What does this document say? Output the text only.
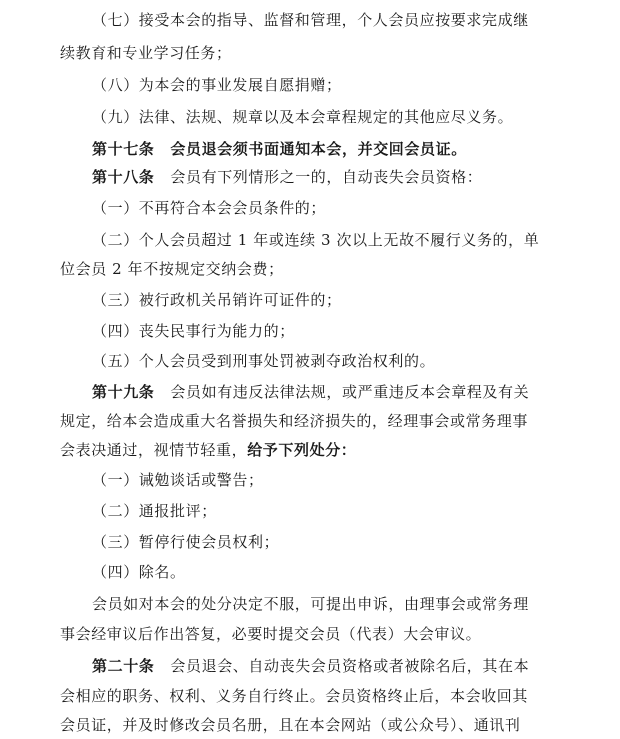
（七）接受本会的指导、监督和管理，个人会员应按要求完成继
续教育和专业学习任务；
（八）为本会的事业发展自愿捐赠；
（九）法律、法规、规章以及本会章程规定的其他应尽义务。
第十七条 会员退会须书面通知本会，并交回会员证。
第十八条 会员有下列情形之一的，自动丧失会员资格：
（一）不再符合本会会员条件的；
（二）个人会员超过 1 年或连续 3 次以上无故不履行义务的，单
位会员 2 年不按规定交纳会费；
（三）被行政机关吊销许可证件的；
（四）丧失民事行为能力的；
（五）个人会员受到刑事处罚被剥夺政治权利的。
第十九条 会员如有违反法律法规，或严重违反本会章程及有关
规定，给本会造成重大名誉损失和经济损失的，经理事会或常务理事
会表决通过，视情节轻重，给予下列处分：
（一）诫勉谈话或警告；
（二）通报批评；
（三）暂停行使会员权利；
（四）除名。
会员如对本会的处分决定不服，可提出申诉，由理事会或常务理
事会经审议后作出答复，必要时提交会员（代表）大会审议。
第二十条 会员退会、自动丧失会员资格或者被除名后，其在本
会相应的职务、权利、义务自行终止。会员资格终止后，本会收回其
会员证，并及时修改会员名册，且在本会网站（或公众号）、通讯刊
